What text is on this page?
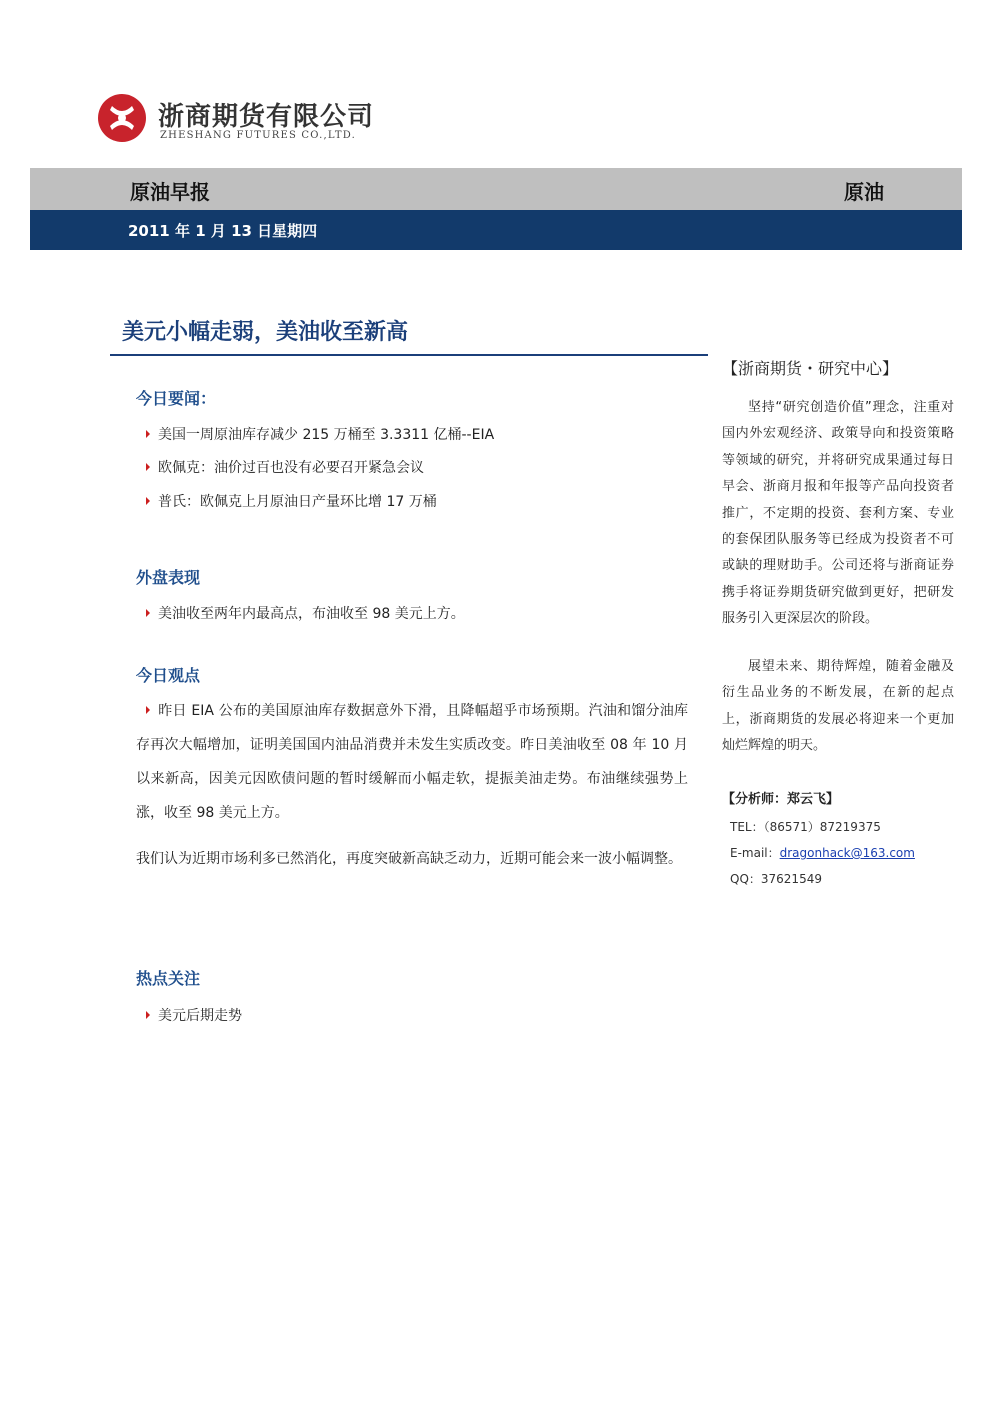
浙商期货有限公司
ZHESHANG FUTURES CO.,LTD.
原油早报	原油
2011 年 1 月 13 日星期四
美元小幅走弱，美油收至新高
今日要闻：
美国一周原油库存减少 215 万桶至 3.3311 亿桶--EIA
欧佩克：油价过百也没有必要召开紧急会议
普氏：欧佩克上月原油日产量环比增 17 万桶
外盘表现
美油收至两年内最高点，布油收至 98 美元上方。
今日观点
昨日 EIA 公布的美国原油库存数据意外下滑，且降幅超乎市场预期。汽油和馏分油库存再次大幅增加，证明美国国内油品消费并未发生实质改变。昨日美油收至 08 年 10 月以来新高，因美元因欧债问题的暂时缓解而小幅走软，提振美油走势。布油继续强势上涨，收至 98 美元上方。
我们认为近期市场利多已然消化，再度突破新高缺乏动力，近期可能会来一波小幅调整。
热点关注
美元后期走势
【浙商期货・研究中心】
坚持“研究创造价值”理念，注重对国内外宏观经济、政策导向和投资策略等领域的研究，并将研究成果通过每日早会、浙商月报和年报等产品向投资者推广，不定期的投资、套利方案、专业的套保团队服务等已经成为投资者不可或缺的理财助手。公司还将与浙商证券携手将证券期货研究做到更好，把研发服务引入更深层次的阶段。
展望未来、期待辉煌，随着金融及衍生品业务的不断发展，在新的起点上，浙商期货的发展必将迎来一个更加灿烂辉煌的明天。
【分析师：郑云飞】
TEL：（86571）87219375
E-mail：dragonhack@163.com
QQ：37621549
